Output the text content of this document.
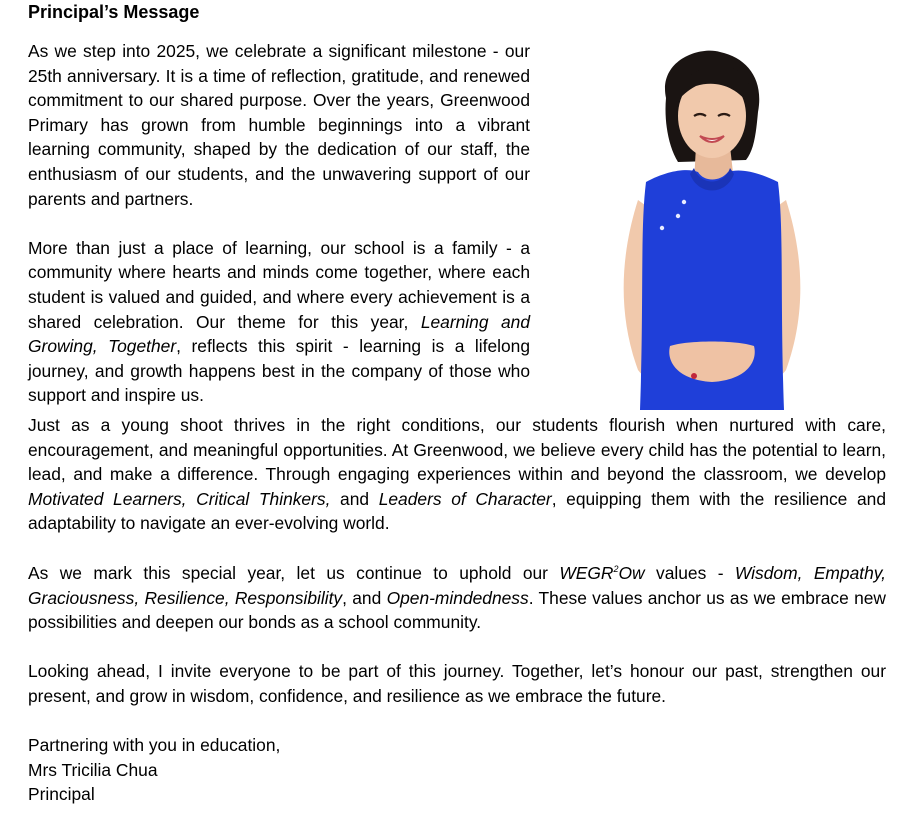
Principal’s Message

As we step into 2025, we celebrate a significant milestone - our 25th anniversary. It is a time of reflection, gratitude, and renewed commitment to our shared purpose. Over the years, Greenwood Primary has grown from humble beginnings into a vibrant learning community, shaped by the dedication of our staff, the enthusiasm of our students, and the unwavering support of our parents and partners.

More than just a place of learning, our school is a family - a community where hearts and minds come together, where each student is valued and guided, and where every achievement is a shared celebration. Our theme for this year, Learning and Growing, Together, reflects this spirit - learning is a lifelong journey, and growth happens best in the company of those who support and inspire us.

Just as a young shoot thrives in the right conditions, our students flourish when nurtured with care, encouragement, and meaningful opportunities. At Greenwood, we believe every child has the potential to learn, lead, and make a difference. Through engaging experiences within and beyond the classroom, we develop Motivated Learners, Critical Thinkers, and Leaders of Character, equipping them with the resilience and adaptability to navigate an ever-evolving world.

As we mark this special year, let us continue to uphold our WEGR$^2$Ow values - Wisdom, Empathy, Graciousness, Resilience, Responsibility, and Open-mindedness. These values anchor us as we embrace new possibilities and deepen our bonds as a school community.

Looking ahead, I invite everyone to be part of this journey. Together, let’s honour our past, strengthen our present, and grow in wisdom, confidence, and resilience as we embrace the future.

Partnering with you in education,
Mrs Tricilia Chua
Principal
